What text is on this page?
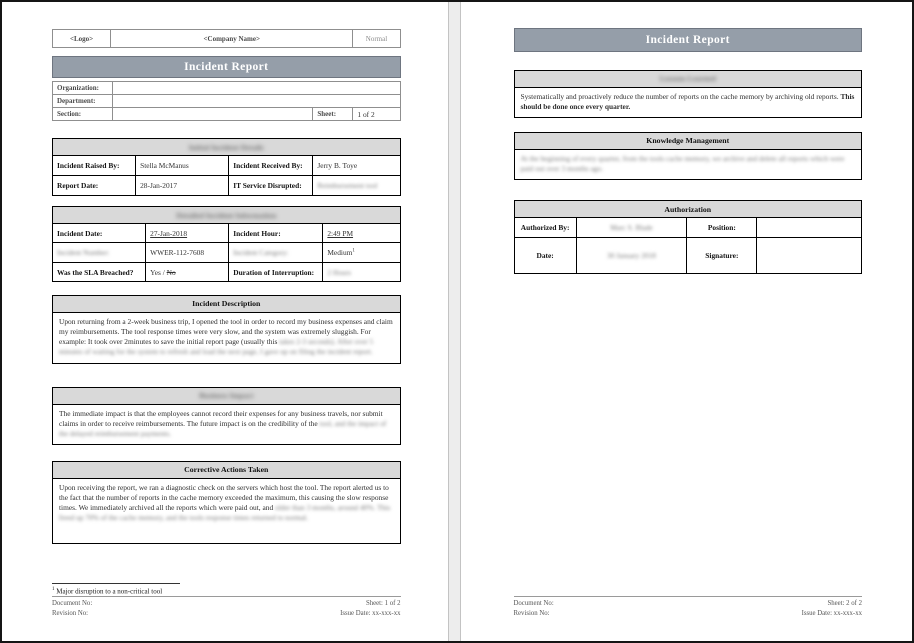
<Logo>	<Company Name>	Normal
Incident Report
Organization:			
Department:			
Section:		Sheet:	1 of 2
Initial Incident Details			
Incident Raised By:	Stella McManus	Incident Received By:	Jerry B. Toye
Report Date:	28-Jan-2017	IT Service Disrupted:	Reimbursement tool
Detailed Incident Information			
Incident Date:	27-Jan-2018	Incident Hour:	2:49 PM
Incident Number:	WWER-112-7608	Incident Category:	Medium$^1$
Was the SLA Breached?	Yes / No	Duration of Interruption:	2 Hours
Incident Description
Upon returning from a 2-week business trip, I opened the tool in order to record my business expenses and claim my reimbursements. The tool response times were very slow, and the system was extremely sluggish. For example: It took over 2minutes to save the initial report page (usually this takes 2-3 seconds). After over 5 minutes of waiting for the system to refresh and load the next page, I gave up on filing the incident report.
Business Impact
The immediate impact is that the employees cannot record their expenses for any business travels, nor submit claims in order to receive reimbursements. The future impact is on the credibility of the tool, and the impact of the delayed reimbursement payments.
Corrective Actions Taken
Upon receiving the report, we ran a diagnostic check on the servers which host the tool. The report alerted us to the fact that the number of reports in the cache memory exceeded the maximum, this causing the slow response times. We immediately archived all the reports which were paid out, and older than 3 months, around 40%. This freed up 70% of the cache memory, and the tools response times returned to normal.
$^1$ Major disruption to a non-critical tool
Document No:
Revision No:
Sheet: 1 of 2
Issue Date: xx-xxx-xx
Incident Report
Lessons Learned
Systematically and proactively reduce the number of reports on the cache memory by archiving old reports. This should be done once every quarter.
Knowledge Management
At the beginning of every quarter, from the tools cache memory, we archive and delete all reports which were paid out over 3 months ago.
Authorization			
Authorized By:	Marc S. Blade	Position:	
Date:	30 January 2018	Signature:	
Document No:
Revision No:
Sheet: 2 of 2
Issue Date: xx-xxx-xx
